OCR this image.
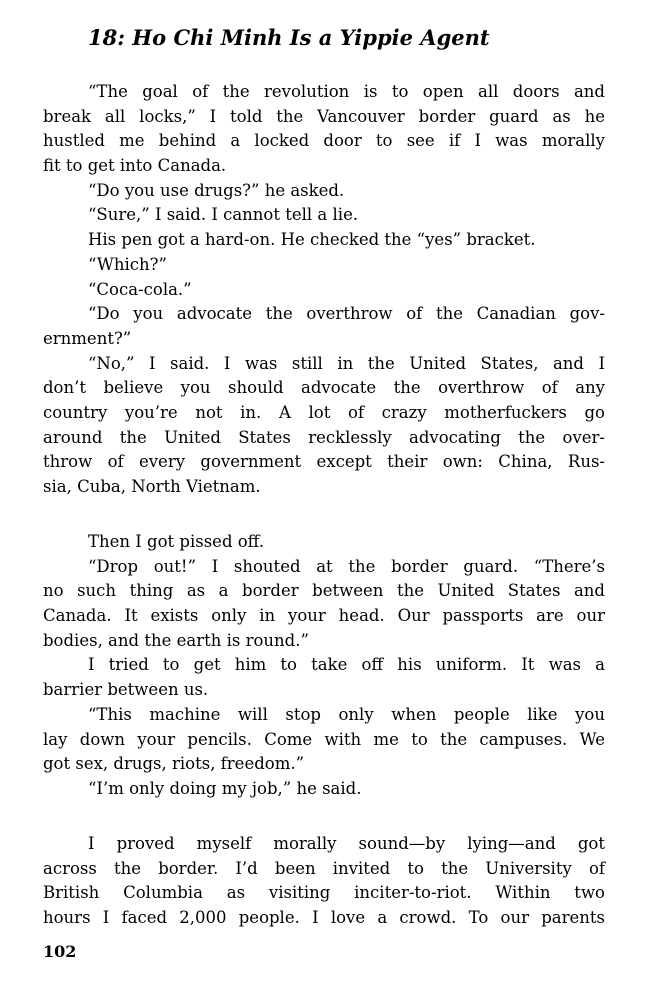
18: Ho Chi Minh Is a Yippie Agent
“The goal of the revolution is to open all doors and
break all locks,” I told the Vancouver border guard as he
hustled me behind a locked door to see if I was morally
fit to get into Canada.
“Do you use drugs?” he asked.
“Sure,” I said. I cannot tell a lie.
His pen got a hard-on. He checked the “yes” bracket.
“Which?”
“Coca-cola.”
“Do you advocate the overthrow of the Canadian gov-
ernment?”
“No,” I said. I was still in the United States, and I
don’t believe you should advocate the overthrow of any
country you’re not in. A lot of crazy motherfuckers go
around the United States recklessly advocating the over-
throw of every government except their own: China, Rus-
sia, Cuba, North Vietnam.
Then I got pissed off.
“Drop out!” I shouted at the border guard. “There’s
no such thing as a border between the United States and
Canada. It exists only in your head. Our passports are our
bodies, and the earth is round.”
I tried to get him to take off his uniform. It was a
barrier between us.
“This machine will stop only when people like you
lay down your pencils. Come with me to the campuses. We
got sex, drugs, riots, freedom.”
“I’m only doing my job,” he said.
I proved myself morally sound—by lying—and got
across the border. I’d been invited to the University of
British Columbia as visiting inciter-to-riot. Within two
hours I faced 2,000 people. I love a crowd. To our parents
102
